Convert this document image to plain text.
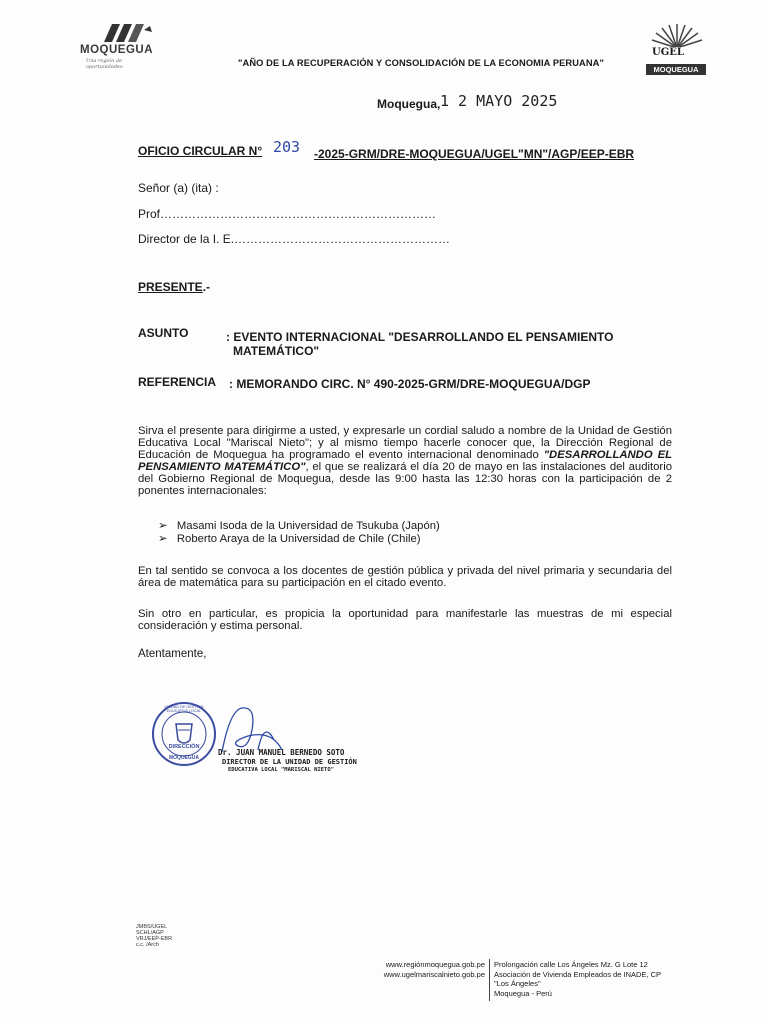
MOQUEGUA
Una región de oportunidades	"AÑO DE LA RECUPERACIÓN Y CONSOLIDACIÓN DE LA ECONOMIA PERUANA"
UGEL
MOQUEGUA
Moquegua, 1 2 MAYO 2025
OFICIO CIRCULAR N° 203 -2025-GRM/DRE-MOQUEGUA/UGEL"MN"/AGP/EEP-EBR
Señor (a) (ita) :
Prof……………………………………………………………
Director de la I. E.………………………………………………
PRESENTE.-
ASUNTO	: EVENTO INTERNACIONAL "DESARROLLANDO EL PENSAMIENTO
MATEMÁTICO"
REFERENCIA : MEMORANDO CIRC. N° 490-2025-GRM/DRE-MOQUEGUA/DGP
Sirva el presente para dirigirme a usted, y expresarle un cordial saludo a nombre de la Unidad de Gestión Educativa Local "Mariscal Nieto"; y al mismo tiempo hacerle conocer que, la Dirección Regional de Educación de Moquegua ha programado el evento internacional denominado "DESARROLLANDO EL PENSAMIENTO MATEMÁTICO", el que se realizará el día 20 de mayo en las instalaciones del auditorio del Gobierno Regional de Moquegua, desde las 9:00 hasta las 12:30 horas con la participación de 2 ponentes internacionales:
➢ Masami Isoda de la Universidad de Tsukuba (Japón)
➢ Roberto Araya de la Universidad de Chile (Chile)
En tal sentido se convoca a los docentes de gestión pública y privada del nivel primaria y secundaria del área de matemática para su participación en el citado evento.
Sin otro en particular, es propicia la oportunidad para manifestarle las muestras de mi especial consideración y estima personal.
Atentamente,
UNIDAD DE GESTION EDUCATIVA LOCAL
DIRECCIÓN
MOQUEGUA
Dr. JUAN MANUEL BERNEDO SOTO
DIRECTOR DE LA UNIDAD DE GESTIÓN
EDUCATIVA LOCAL "MARISCAL NIETO"
JMBS/UGEL
SCHL/AGP
VRJ/EEP-EBR
c.c. /Arch
www.regiónmoquegua.gob.pe
www.ugelmariscalnieto.gob.pe
Prolongación calle Los Ángeles Mz. G Lote 12
Asociación de Vivienda Empleados de INADE, CP
"Los Ángeles"
Moquegua - Perú
